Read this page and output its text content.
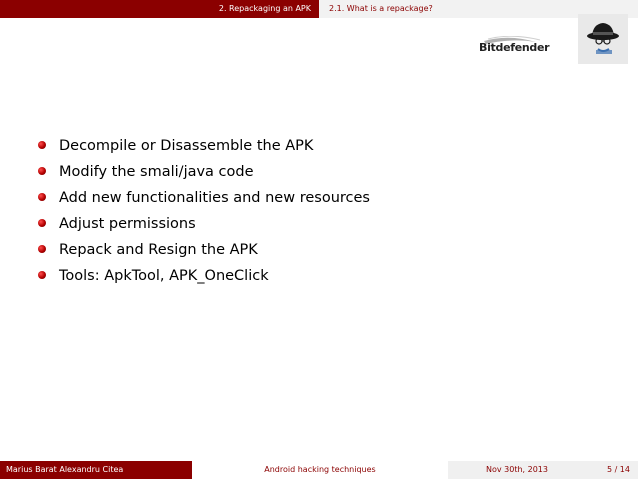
2. Repackaging an APK 2.1. What is a repackage?
Bitdefender
Decompile or Disassemble the APK
Modify the smali/java code
Add new functionalities and new resources
Adjust permissions
Repack and Resign the APK
Tools: ApkTool, APK_OneClick
Marius Barat Alexandru Citea	Android hacking techniques	Nov 30th, 2013	5 / 14
